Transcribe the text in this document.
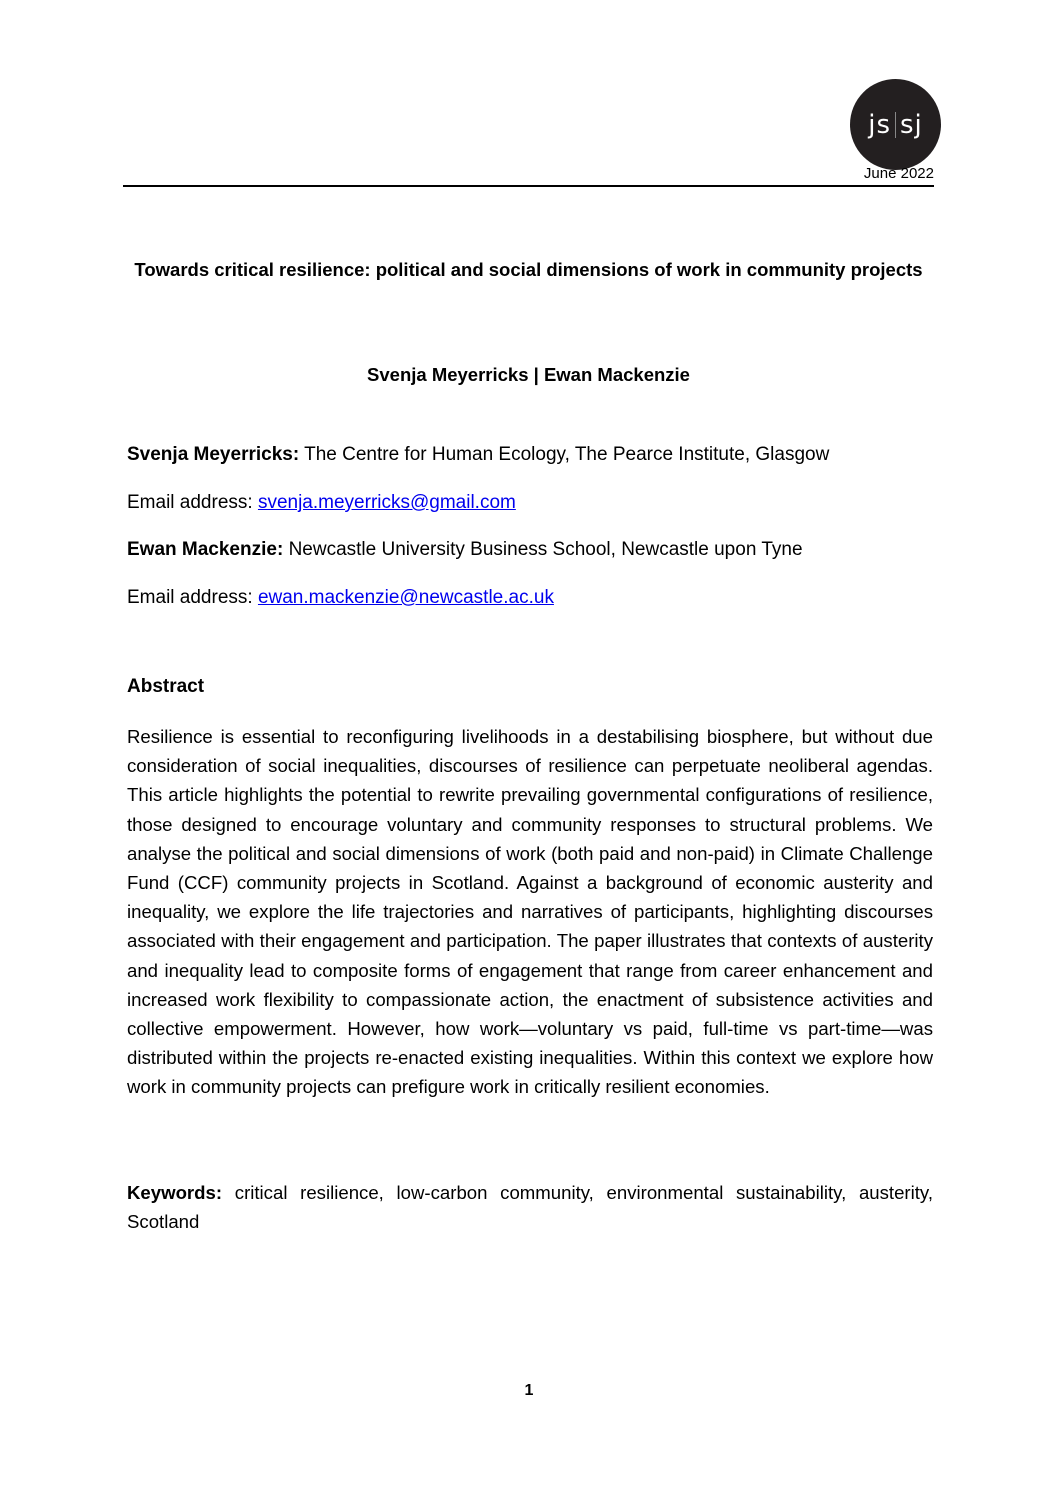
js sj
June 2022
Towards critical resilience: political and social dimensions of work in community projects
Svenja Meyerricks | Ewan Mackenzie
Svenja Meyerricks: The Centre for Human Ecology, The Pearce Institute, Glasgow
Email address: svenja.meyerricks@gmail.com
Ewan Mackenzie: Newcastle University Business School, Newcastle upon Tyne
Email address: ewan.mackenzie@newcastle.ac.uk
Abstract
Resilience is essential to reconfiguring livelihoods in a destabilising biosphere, but without due consideration of social inequalities, discourses of resilience can perpetuate neoliberal agendas. This article highlights the potential to rewrite prevailing governmental configurations of resilience, those designed to encourage voluntary and community responses to structural problems. We analyse the political and social dimensions of work (both paid and non-paid) in Climate Challenge Fund (CCF) community projects in Scotland. Against a background of economic austerity and inequality, we explore the life trajectories and narratives of participants, highlighting discourses associated with their engagement and participation. The paper illustrates that contexts of austerity and inequality lead to composite forms of engagement that range from career enhancement and increased work flexibility to compassionate action, the enactment of subsistence activities and collective empowerment. However, how work—voluntary vs paid, full-time vs part-time—was distributed within the projects re-enacted existing inequalities. Within this context we explore how work in community projects can prefigure work in critically resilient economies.
Keywords: critical resilience, low-carbon community, environmental sustainability, austerity, Scotland
1
